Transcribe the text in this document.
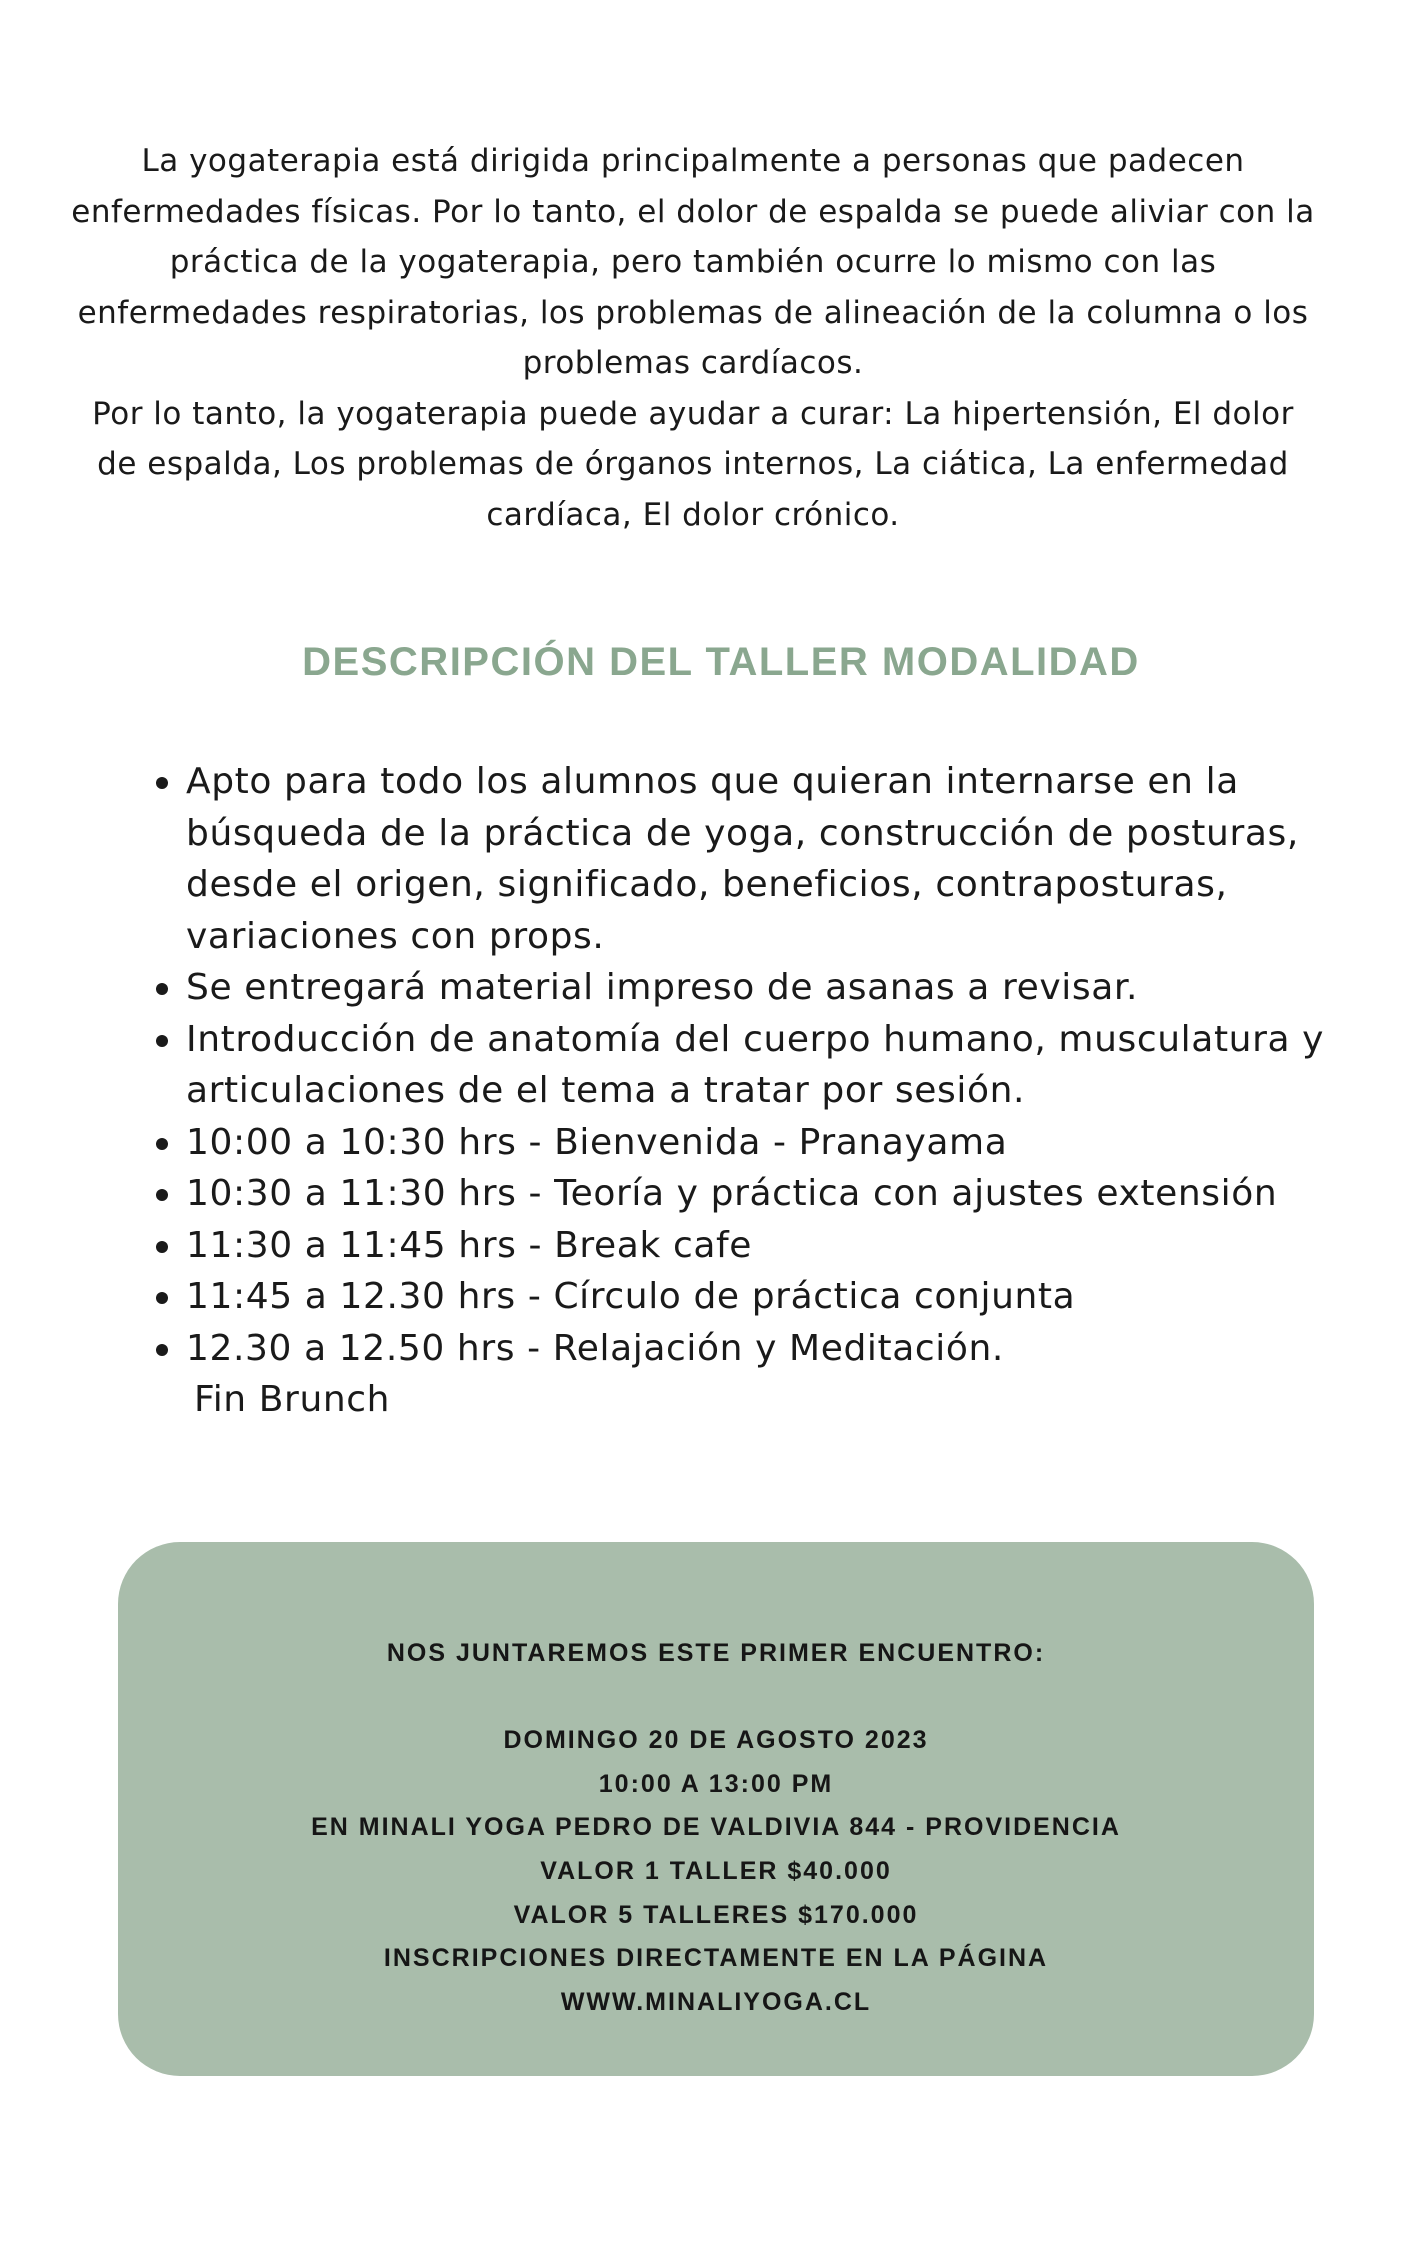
La yogaterapia está dirigida principalmente a personas que padecen enfermedades físicas. Por lo tanto, el dolor de espalda se puede aliviar con la práctica de la yogaterapia, pero también ocurre lo mismo con las enfermedades respiratorias, los problemas de alineación de la columna o los problemas cardíacos.

Por lo tanto, la yogaterapia puede ayudar a curar: La hipertensión, El dolor de espalda, Los problemas de órganos internos, La ciática, La enfermedad cardíaca, El dolor crónico.

DESCRIPCIÓN DEL TALLER MODALIDAD
Apto para todo los alumnos que quieran internarse en la búsqueda de la práctica de yoga, construcción de posturas, desde el origen, significado, beneficios, contraposturas, variaciones con props.
Se entregará material impreso de asanas a revisar.
Introducción de anatomía del cuerpo humano, musculatura y articulaciones de el tema a tratar por sesión.
10:00 a 10:30 hrs - Bienvenida - Pranayama
10:30 a 11:30 hrs - Teoría y práctica con ajustes extensión
11:30 a 11:45 hrs - Break cafe
11:45 a 12.30 hrs - Círculo de práctica conjunta
12.30 a 12.50 hrs - Relajación y Meditación.
Fin Brunch
NOS JUNTAREMOS ESTE PRIMER ENCUENTRO:
DOMINGO 20 DE AGOSTO 2023
10:00 A 13:00 PM
EN MINALI YOGA PEDRO DE VALDIVIA 844 - PROVIDENCIA
VALOR 1 TALLER $40.000
VALOR 5 TALLERES $170.000
INSCRIPCIONES DIRECTAMENTE EN LA PÁGINA
WWW.MINALIYOGA.CL
